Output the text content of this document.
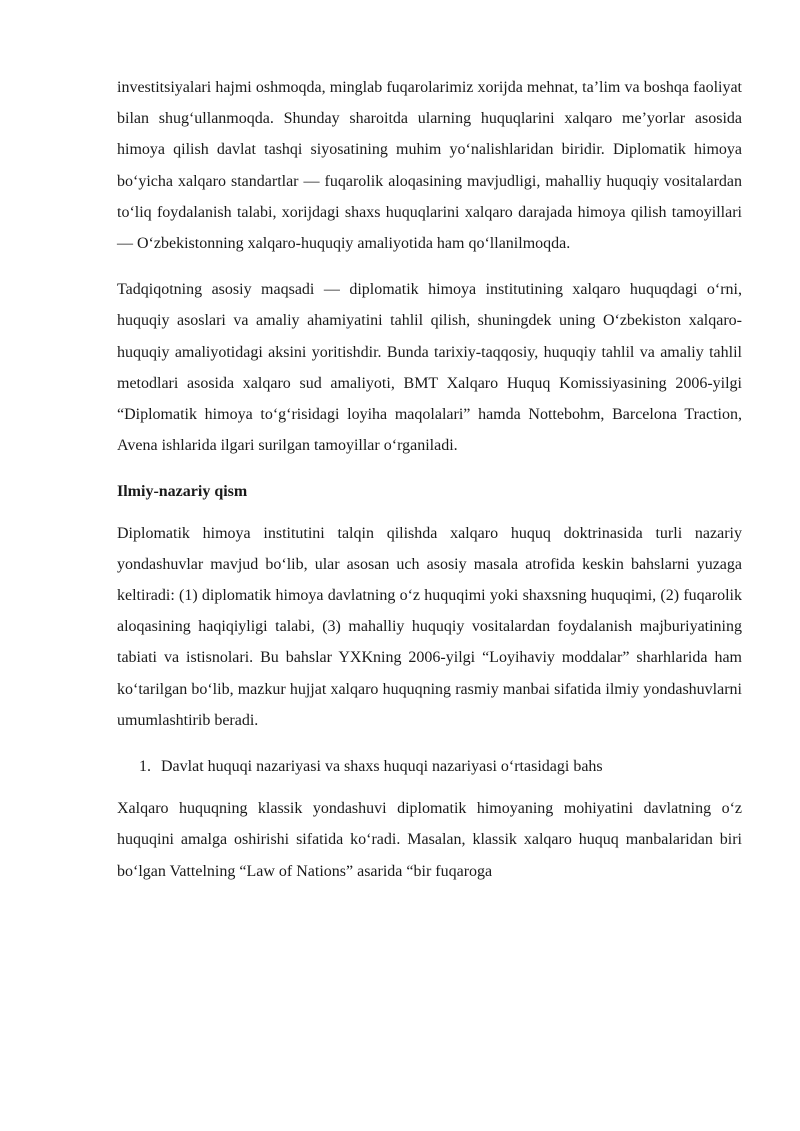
investitsiyalari hajmi oshmoqda, minglab fuqarolarimiz xorijda mehnat, ta’lim va boshqa faoliyat bilan shug‘ullanmoqda. Shunday sharoitda ularning huquqlarini xalqaro me’yorlar asosida himoya qilish davlat tashqi siyosatining muhim yo‘nalishlaridan biridir. Diplomatik himoya bo‘yicha xalqaro standartlar — fuqarolik aloqasining mavjudligi, mahalliy huquqiy vositalardan to‘liq foydalanish talabi, xorijdagi shaxs huquqlarini xalqaro darajada himoya qilish tamoyillari — O‘zbekistonning xalqaro-huquqiy amaliyotida ham qo‘llanilmoqda.

Tadqiqotning asosiy maqsadi — diplomatik himoya institutining xalqaro huquqdagi o‘rni, huquqiy asoslari va amaliy ahamiyatini tahlil qilish, shuningdek uning O‘zbekiston xalqaro-huquqiy amaliyotidagi aksini yoritishdir. Bunda tarixiy-taqqosiy, huquqiy tahlil va amaliy tahlil metodlari asosida xalqaro sud amaliyoti, BMT Xalqaro Huquq Komissiyasining 2006-yilgi “Diplomatik himoya to‘g‘risidagi loyiha maqolalari” hamda Nottebohm, Barcelona Traction, Avena ishlarida ilgari surilgan tamoyillar o‘rganiladi.

Ilmiy-nazariy qism

Diplomatik himoya institutini talqin qilishda xalqaro huquq doktrinasida turli nazariy yondashuvlar mavjud bo‘lib, ular asosan uch asosiy masala atrofida keskin bahslarni yuzaga keltiradi: (1) diplomatik himoya davlatning o‘z huquqimi yoki shaxsning huquqimi, (2) fuqarolik aloqasining haqiqiyligi talabi, (3) mahalliy huquqiy vositalardan foydalanish majburiyatining tabiati va istisnolari. Bu bahslar YXKning 2006-yilgi “Loyihaviy moddalar” sharhlarida ham ko‘tarilgan bo‘lib, mazkur hujjat xalqaro huquqning rasmiy manbai sifatida ilmiy yondashuvlarni umumlashtirib beradi.

1. Davlat huquqi nazariyasi va shaxs huquqi nazariyasi o‘rtasidagi bahs

Xalqaro huquqning klassik yondashuvi diplomatik himoyaning mohiyatini davlatning o‘z huquqini amalga oshirishi sifatida ko‘radi. Masalan, klassik xalqaro huquq manbalaridan biri bo‘lgan Vattelning “Law of Nations” asarida “bir fuqaroga
